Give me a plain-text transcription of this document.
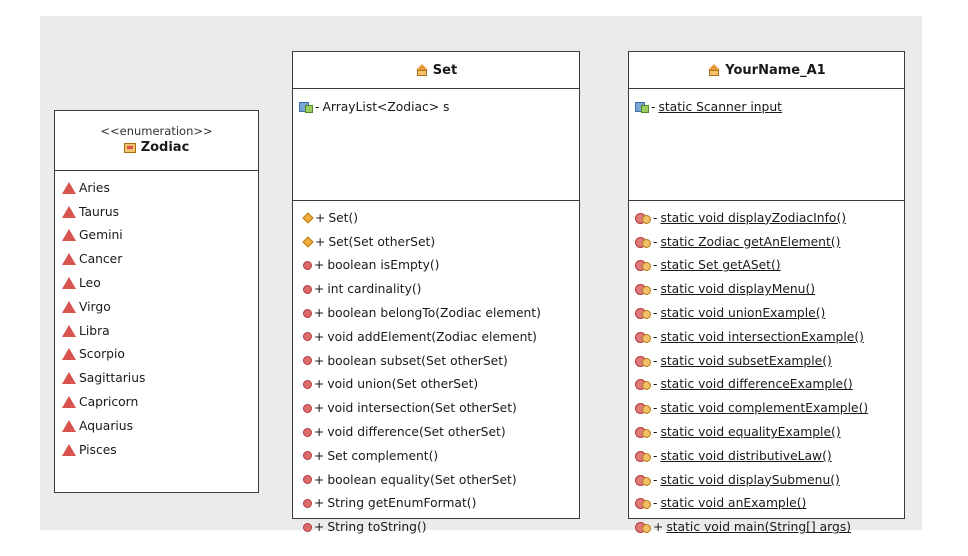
<<enumeration>>
Zodiac
Aries
Taurus
Gemini
Cancer
Leo
Virgo
Libra
Scorpio
Sagittarius
Capricorn
Aquarius
Pisces
Set
- ArrayList<Zodiac> s
+ Set()
+ Set(Set otherSet)
+ boolean isEmpty()
+ int cardinality()
+ boolean belongTo(Zodiac element)
+ void addElement(Zodiac element)
+ boolean subset(Set otherSet)
+ void union(Set otherSet)
+ void intersection(Set otherSet)
+ void difference(Set otherSet)
+ Set complement()
+ boolean equality(Set otherSet)
+ String getEnumFormat()
+ String toString()
YourName_A1
- static Scanner input
- static void displayZodiacInfo()
- static Zodiac getAnElement()
- static Set getASet()
- static void displayMenu()
- static void unionExample()
- static void intersectionExample()
- static void subsetExample()
- static void differenceExample()
- static void complementExample()
- static void equalityExample()
- static void distributiveLaw()
- static void displaySubmenu()
- static void anExample()
+ static void main(String[] args)
